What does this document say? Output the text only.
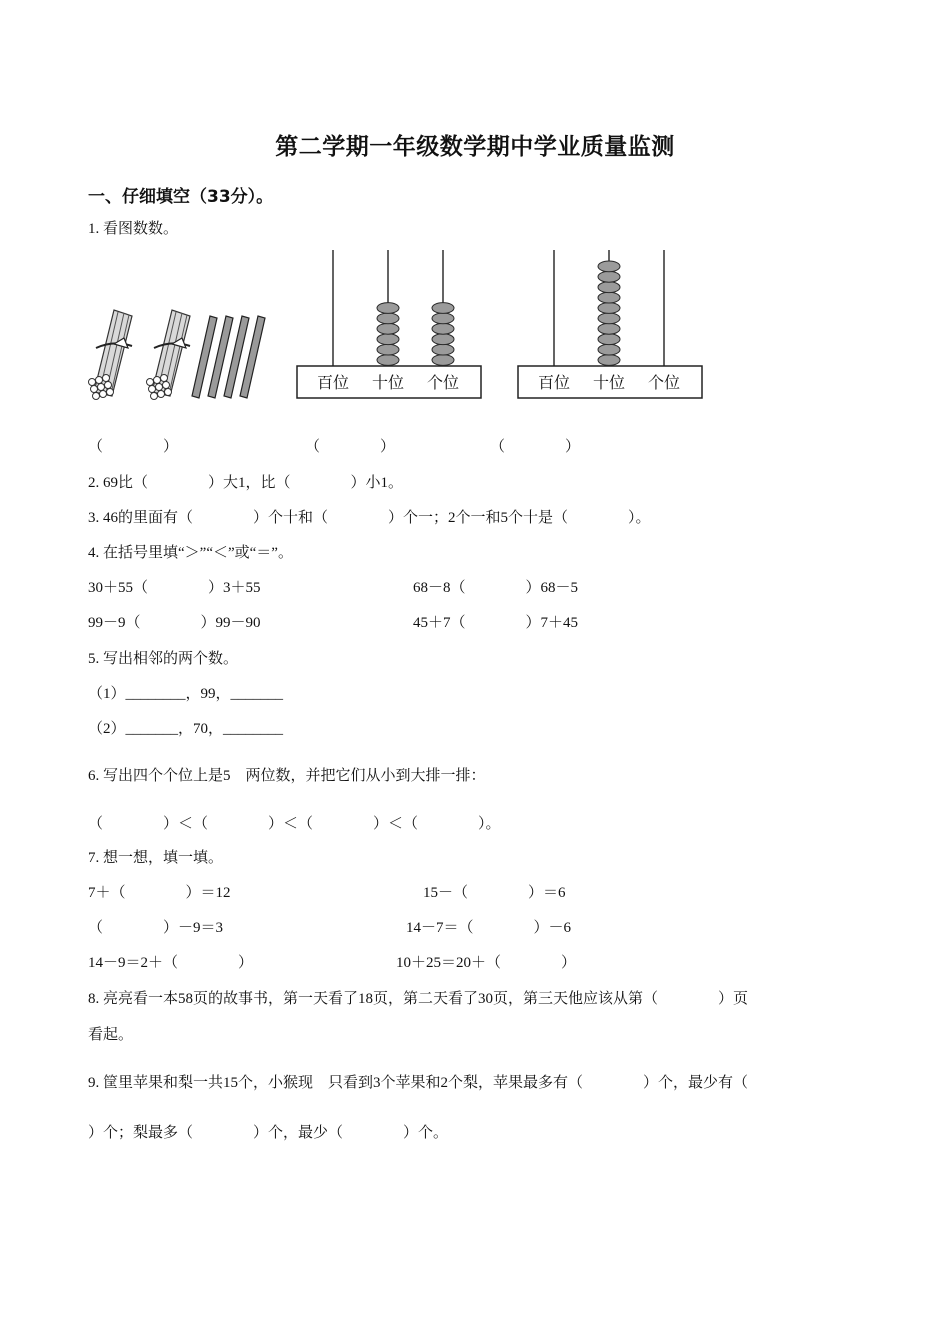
第二学期一年级数学期中学业质量监测
一、仔细填空（33分）。
1. 看图数数。
百位 十位 个位	百位 十位 个位
（　　　　）	（　　　　）	（　　　　）
2. 69比（　　　　）大1，比（　　　　）小1。
3. 46的里面有（　　　　）个十和（　　　　）个一；2个一和5个十是（　　　　）。
4. 在括号里填“＞”“＜”或“＝”。
30＋55（　　　　）3＋55	68－8（　　　　）68－5
99－9（　　　　）99－90	45＋7（　　　　）7＋45
5. 写出相邻的两个数。
（1）________，99，_______
（2）_______，70，________
6. 写出四个个位上是5　两位数，并把它们从小到大排一排：
（　　　　）＜（　　　　）＜（　　　　）＜（　　　　）。
7. 想一想，填一填。
7＋（　　　　）＝12	15－（　　　　）＝6
（　　　　）－9＝3	14－7＝（　　　　）－6
14－9＝2＋（　　　　）	10＋25＝20＋（　　　　）
8. 亮亮看一本58页的故事书，第一天看了18页，第二天看了30页，第三天他应该从第（　　　　）页
看起。
9. 筐里苹果和梨一共15个，小猴现　只看到3个苹果和2个梨，苹果最多有（　　　　）个，最少有（
）个；梨最多（　　　　）个，最少（　　　　）个。
